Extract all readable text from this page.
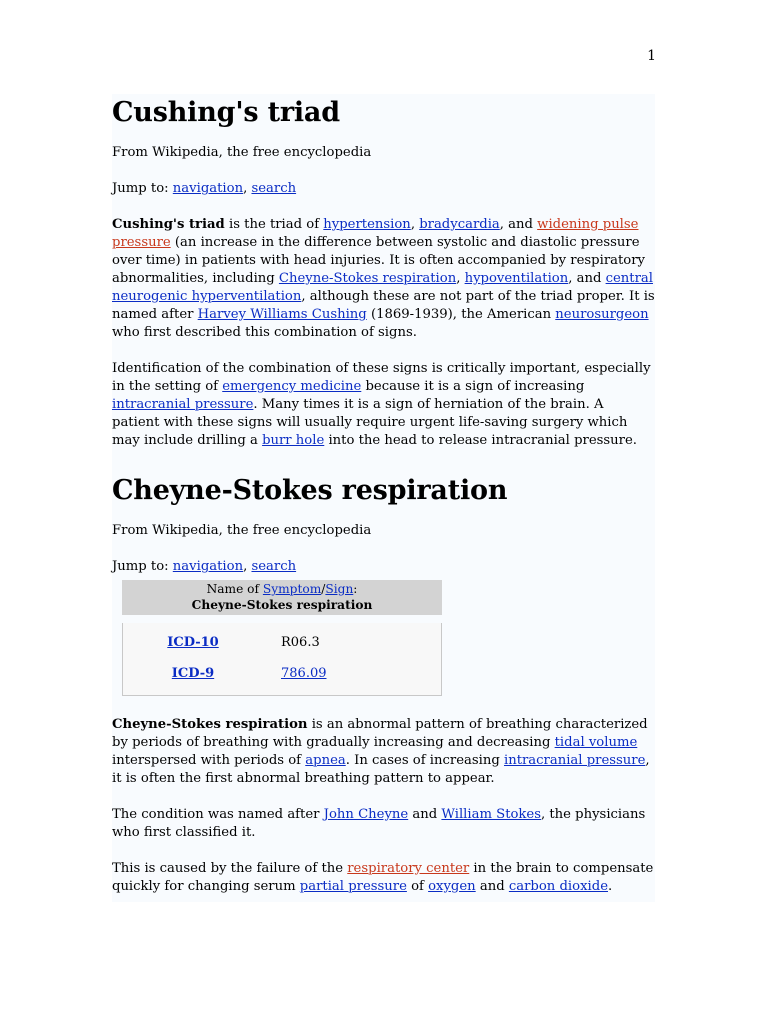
1
Cushing's triad

From Wikipedia, the free encyclopedia

Jump to: navigation, search

Cushing's triad is the triad of hypertension, bradycardia, and widening pulse pressure (an increase in the difference between systolic and diastolic pressure over time) in patients with head injuries. It is often accompanied by respiratory abnormalities, including Cheyne-Stokes respiration, hypoventilation, and central neurogenic hyperventilation, although these are not part of the triad proper. It is named after Harvey Williams Cushing (1869-1939), the American neurosurgeon who first described this combination of signs.

Identification of the combination of these signs is critically important, especially in the setting of emergency medicine because it is a sign of increasing intracranial pressure. Many times it is a sign of herniation of the brain. A patient with these signs will usually require urgent life-saving surgery which may include drilling a burr hole into the head to release intracranial pressure.

Cheyne-Stokes respiration

From Wikipedia, the free encyclopedia

Jump to: navigation, search

Name of Symptom/Sign:
Cheyne-Stokes respiration
ICD-10	R06.3
ICD-9	786.09

Cheyne-Stokes respiration is an abnormal pattern of breathing characterized by periods of breathing with gradually increasing and decreasing tidal volume interspersed with periods of apnea. In cases of increasing intracranial pressure, it is often the first abnormal breathing pattern to appear.

The condition was named after John Cheyne and William Stokes, the physicians who first classified it.

This is caused by the failure of the respiratory center in the brain to compensate quickly for changing serum partial pressure of oxygen and carbon dioxide.
